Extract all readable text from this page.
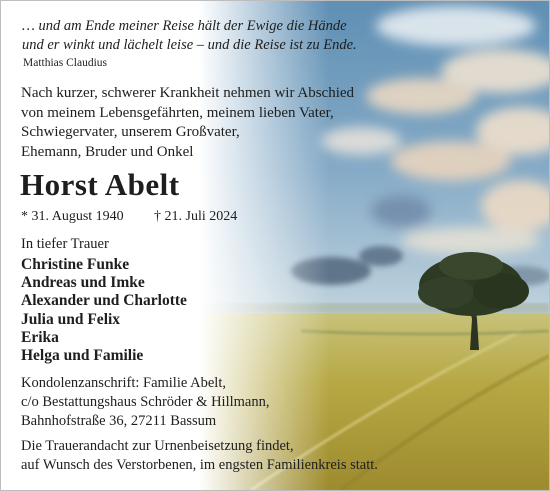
… und am Ende meiner Reise hält der Ewige die Hände

und er winkt und lächelt leise – und die Reise ist zu Ende.

Matthias Claudius

Nach kurzer, schwerer Krankheit nehmen wir Abschied
von meinem Lebensgefährten, meinem lieben Vater,
Schwiegervater, unserem Großvater,
Ehemann, Bruder und Onkel
Horst Abelt
* 31. August 1940 † 21. Juli 2024

In tiefer Trauer

Christine Funke
Andreas und Imke
Alexander und Charlotte
Julia und Felix
Erika
Helga und Familie
Kondolenzanschrift: Familie Abelt,
c/o Bestattungshaus Schröder & Hillmann,
Bahnhofstraße 36, 27211 Bassum
Die Trauerandacht zur Urnenbeisetzung findet,
auf Wunsch des Verstorbenen, im engsten Familienkreis statt.
